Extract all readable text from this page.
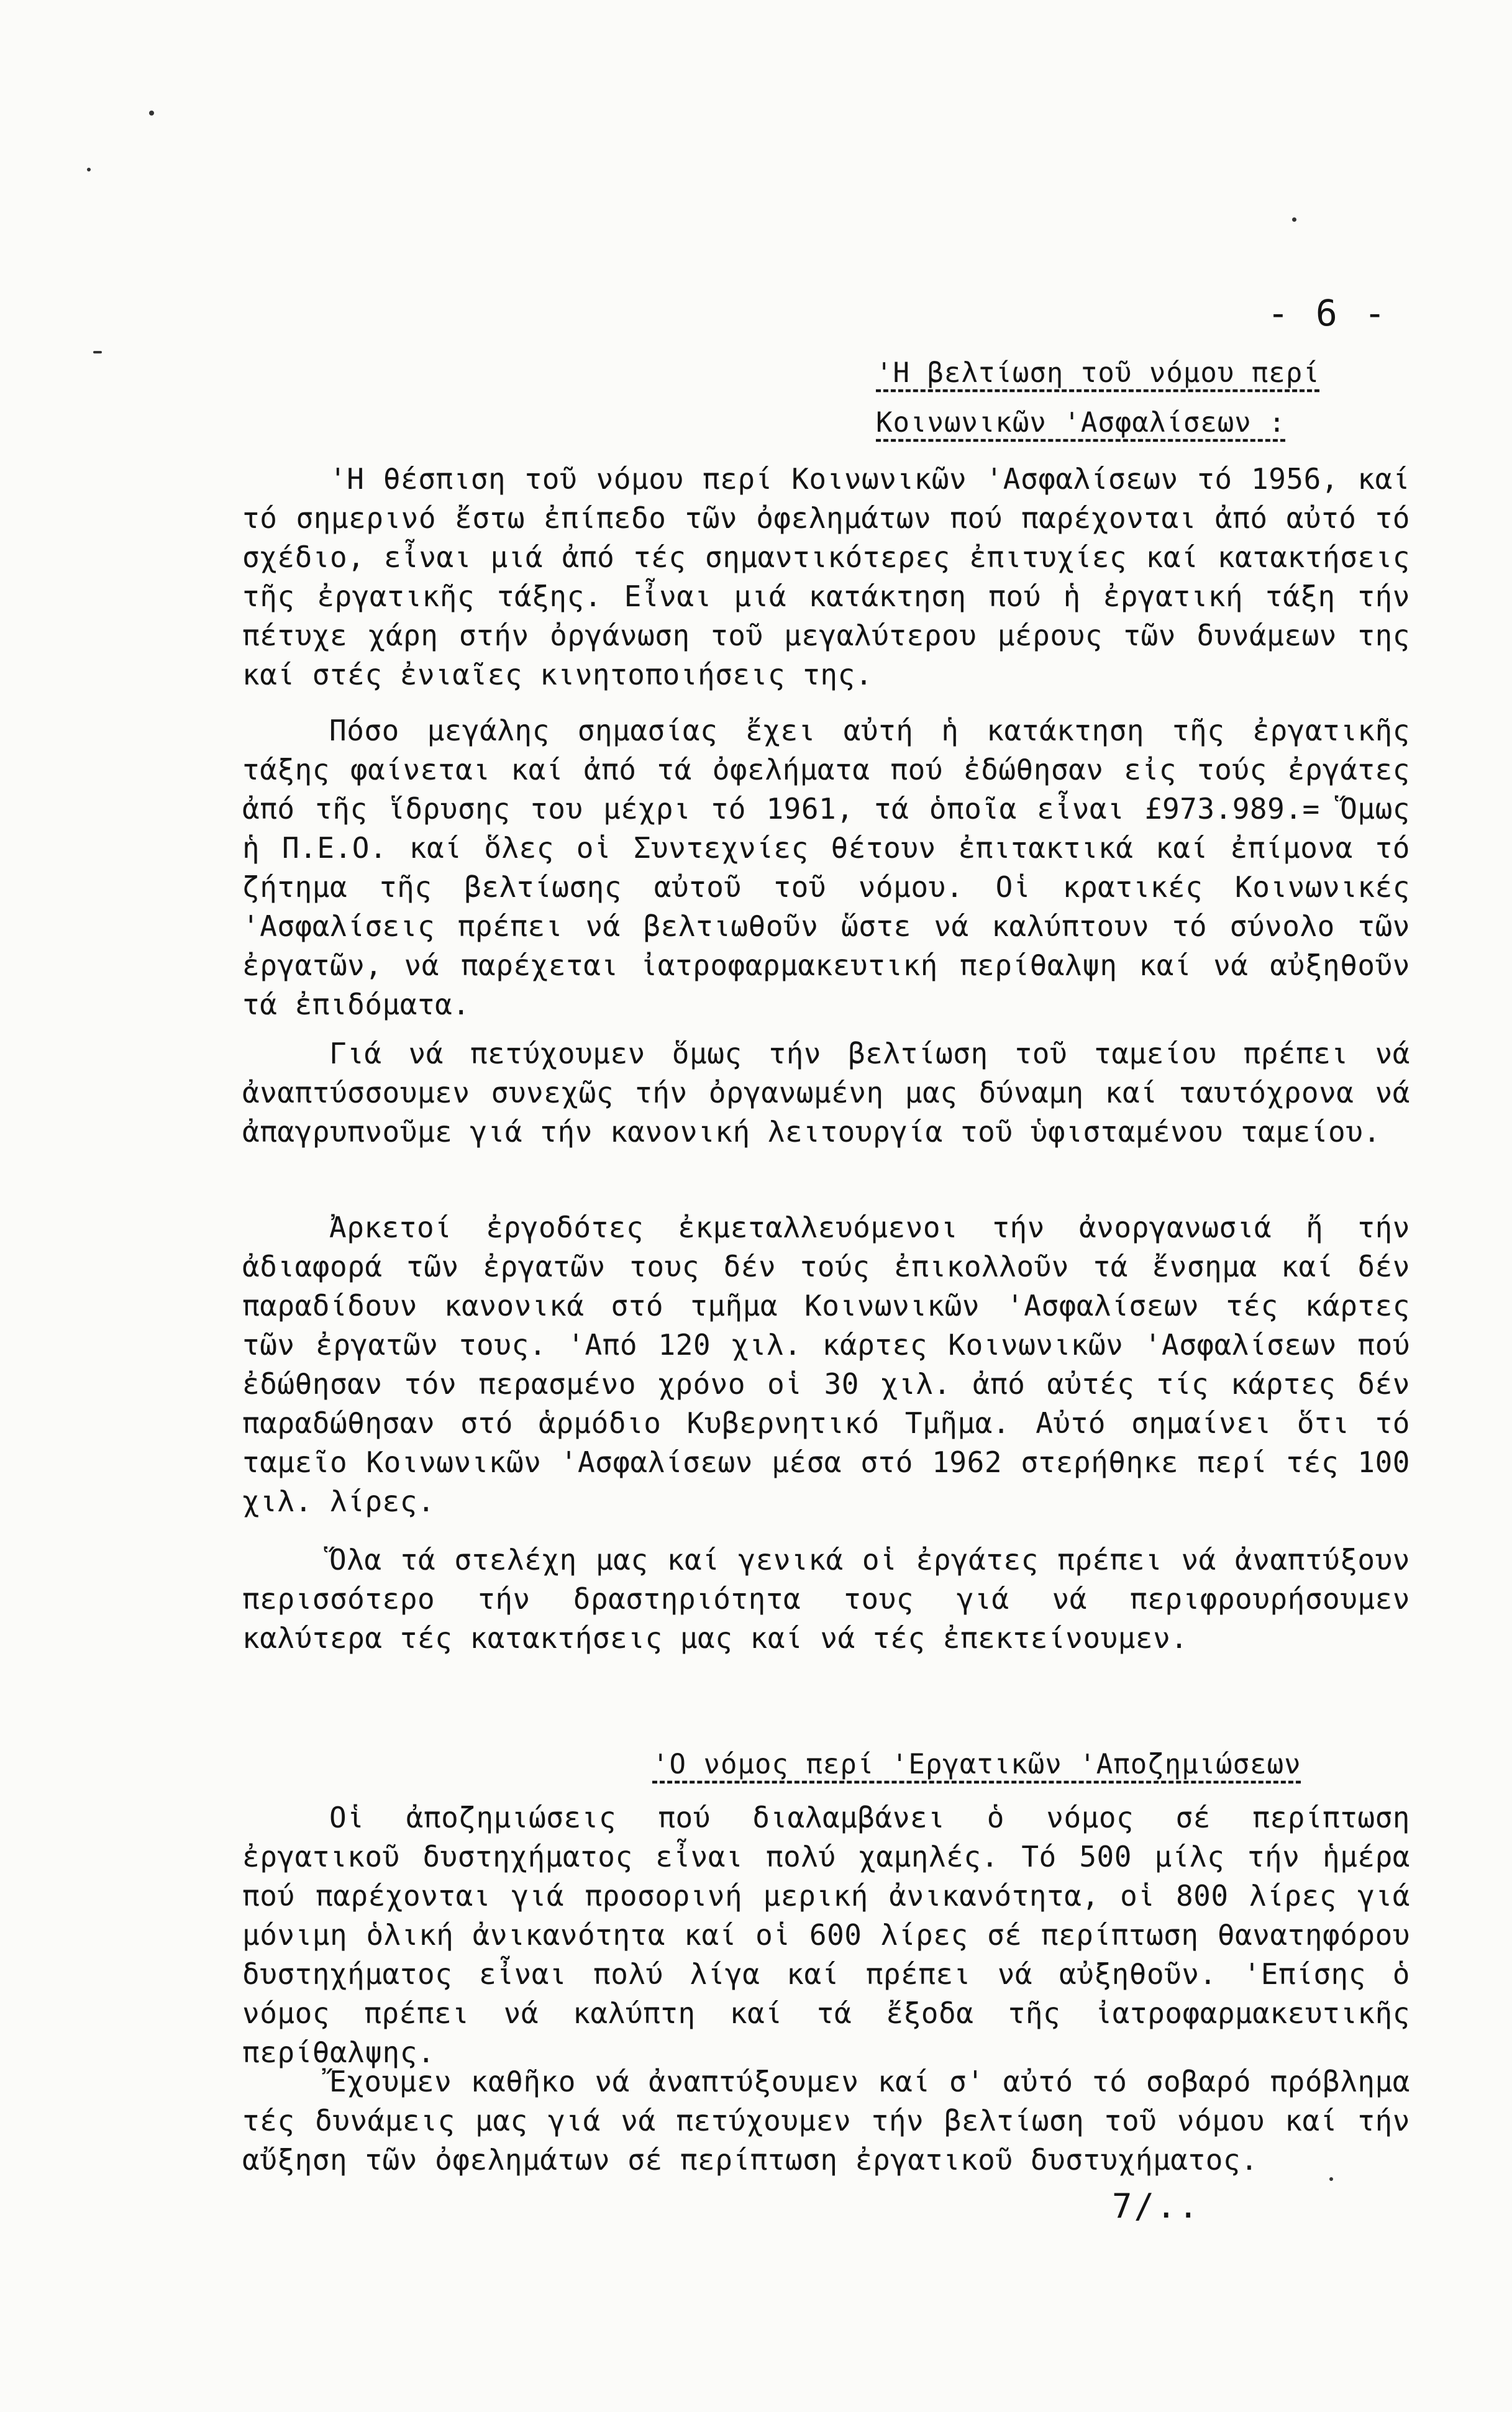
- 6 -
'Η βελτίωση τοῦ νόμου περί
Κοινωνικῶν 'Ασφαλίσεων :
'Η θέσπιση τοῦ νόμου περί Κοινωνικῶν 'Ασφαλίσεων τό 1956, καί τό σημερινό ἔστω ἐπίπεδο τῶν ὀφελημάτων πού παρέχονται ἀπό αὐτό τό σχέδιο, εἶναι μιά ἀπό τές σημαντικότερες ἐπιτυχίες καί κατακτήσεις τῆς ἐργατικῆς τάξης. Εἶναι μιά κατάκτηση πού ἡ ἐργατική τάξη τήν πέτυχε χάρη στήν ὀργάνωση τοῦ μεγαλύτερου μέρους τῶν δυνάμεων της καί στές ἐνιαῖες κινητοποιήσεις της.
Πόσο μεγάλης σημασίας ἔχει αὐτή ἡ κατάκτηση τῆς ἐργατικῆς τάξης φαίνεται καί ἀπό τά ὀφελήματα πού ἐδώθησαν εἰς τούς ἐργάτες ἀπό τῆς ἵδρυσης του μέχρι τό 1961, τά ὁποῖα εἶναι £973.989.= Ὅμως ἡ Π.Ε.Ο. καί ὅλες οἱ Συντεχνίες θέτουν ἐπιτακτικά καί ἐπίμονα τό ζήτημα τῆς βελτίωσης αὐτοῦ τοῦ νόμου. Οἱ κρατικές Κοινωνικές 'Ασφαλίσεις πρέπει νά βελτιωθοῦν ὥστε νά καλύπτουν τό σύνολο τῶν ἐργατῶν, νά παρέχεται ἰατροφαρμακευτική περίθαλψη καί νά αὐξηθοῦν τά ἐπιδόματα.
Γιά νά πετύχουμεν ὅμως τήν βελτίωση τοῦ ταμείου πρέπει νά ἀναπτύσσουμεν συνεχῶς τήν ὀργανωμένη μας δύναμη καί ταυτόχρονα νά ἀπαγρυπνοῦμε γιά τήν κανονική λειτουργία τοῦ ὑφισταμένου ταμείου.
Ἀρκετοί ἐργοδότες ἐκμεταλλευόμενοι τήν ἀνοργανωσιά ἤ τήν ἀδιαφορά τῶν ἐργατῶν τους δέν τούς ἐπικολλοῦν τά ἔνσημα καί δέν παραδίδουν κανονικά στό τμῆμα Κοινωνικῶν 'Ασφαλίσεων τές κάρτες τῶν ἐργατῶν τους. 'Από 120 χιλ. κάρτες Κοινωνικῶν 'Ασφαλίσεων πού ἐδώθησαν τόν περασμένο χρόνο οἱ 30 χιλ. ἀπό αὐτές τίς κάρτες δέν παραδώθησαν στό ἁρμόδιο Κυβερνητικό Τμῆμα. Αὐτό σημαίνει ὅτι τό ταμεῖο Κοινωνικῶν 'Ασφαλίσεων μέσα στό 1962 στερήθηκε περί τές 100 χιλ. λίρες.
Ὅλα τά στελέχη μας καί γενικά οἱ ἐργάτες πρέπει νά ἀναπτύξουν περισσότερο τήν δραστηριότητα τους γιά νά περιφρουρήσουμεν καλύτερα τές κατακτήσεις μας καί νά τές ἐπεκτείνουμεν.
'Ο νόμος περί 'Εργατικῶν 'Αποζημιώσεων
Οἱ ἀποζημιώσεις πού διαλαμβάνει ὁ νόμος σέ περίπτωση ἐργατικοῦ δυστηχήματος εἶναι πολύ χαμηλές. Τό 500 μίλς τήν ἡμέρα πού παρέχονται γιά προσορινή μερική ἀνικανότητα, οἱ 800 λίρες γιά μόνιμη ὁλική ἀνικανότητα καί οἱ 600 λίρες σέ περίπτωση θανατηφόρου δυστηχήματος εἶναι πολύ λίγα καί πρέπει νά αὐξηθοῦν. 'Επίσης ὁ νόμος πρέπει νά καλύπτη καί τά ἔξοδα τῆς ἰατροφαρμακευτικῆς περίθαλψης.
Ἔχουμεν καθῆκο νά ἀναπτύξουμεν καί σ' αὐτό τό σοβαρό πρόβλημα τές δυνάμεις μας γιά νά πετύχουμεν τήν βελτίωση τοῦ νόμου καί τήν αὔξηση τῶν ὀφελημάτων σέ περίπτωση ἐργατικοῦ δυστυχήματος.
7/..
